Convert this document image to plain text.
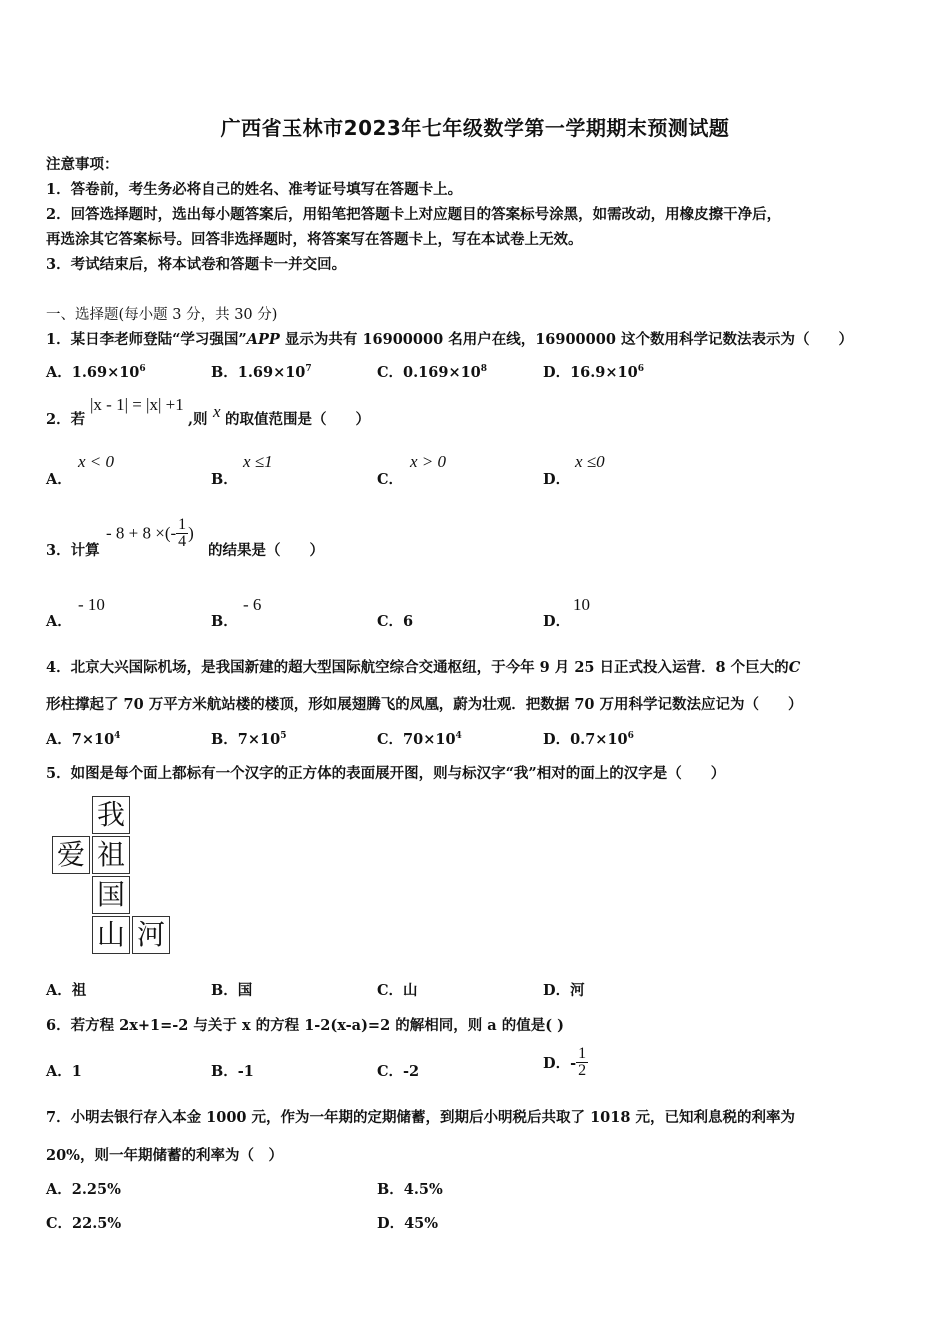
广西省玉林市2023年七年级数学第一学期期末预测试题
注意事项：
1．答卷前，考生务必将自己的姓名、准考证号填写在答题卡上。
2．回答选择题时，选出每小题答案后，用铅笔把答题卡上对应题目的答案标号涂黑，如需改动，用橡皮擦干净后，
再选涂其它答案标号。回答非选择题时，将答案写在答题卡上，写在本试卷上无效。
3．考试结束后，将本试卷和答题卡一并交回。
一、选择题(每小题 3 分，共 30 分)
1．某日李老师登陆“学习强国”APP 显示为共有 16900000 名用户在线，16900000 这个数用科学记数法表示为（　　）
A．$1.69\times 10^6$	B．$1.69\times 10^7$	C．$0.169\times 10^8$	D．$16.9\times 10^6$
2．若
|x - 1| = |x| +1
,则 x 的取值范围是（　　）
A．
x < 0
B．
x ≤1
C．
x > 0
D．
x ≤0
3．计算
- 8 + 8 ×(- $\frac{1}{4}$ )
的结果是（　　）
A．
- 10
B．
- 6
C．6	D．
10
4．北京大兴国际机场，是我国新建的超大型国际航空综合交通枢纽，于今年 9 月 25 日正式投入运营．8 个巨大的C
形柱撑起了 70 万平方米航站楼的楼顶，形如展翅腾飞的凤凰，蔚为壮观．把数据 70 万用科学记数法应记为（　　）
A．$7\times 10^4$	B．$7\times 10^5$	C．$70\times 10^4$	D．$0.7\times 10^6$
5．如图是每个面上都标有一个汉字的正方体的表面展开图，则与标汉字“我”相对的面上的汉字是（　　）
我
爱 祖
国
山 河
A．祖	B．国	C．山	D．河
6．若方程 2x+1=-2 与关于 x 的方程 1-2(x-a)=2 的解相同，则 a 的值是( )
A．1	B．-1	C．-2	D．- $\frac{1}{2}$
7．小明去银行存入本金 1000 元，作为一年期的定期储蓄，到期后小明税后共取了 1018 元，已知利息税的利率为
20%，则一年期储蓄的利率为（　）
A．2.25%	B．4.5%
C．22.5%	D．45%
